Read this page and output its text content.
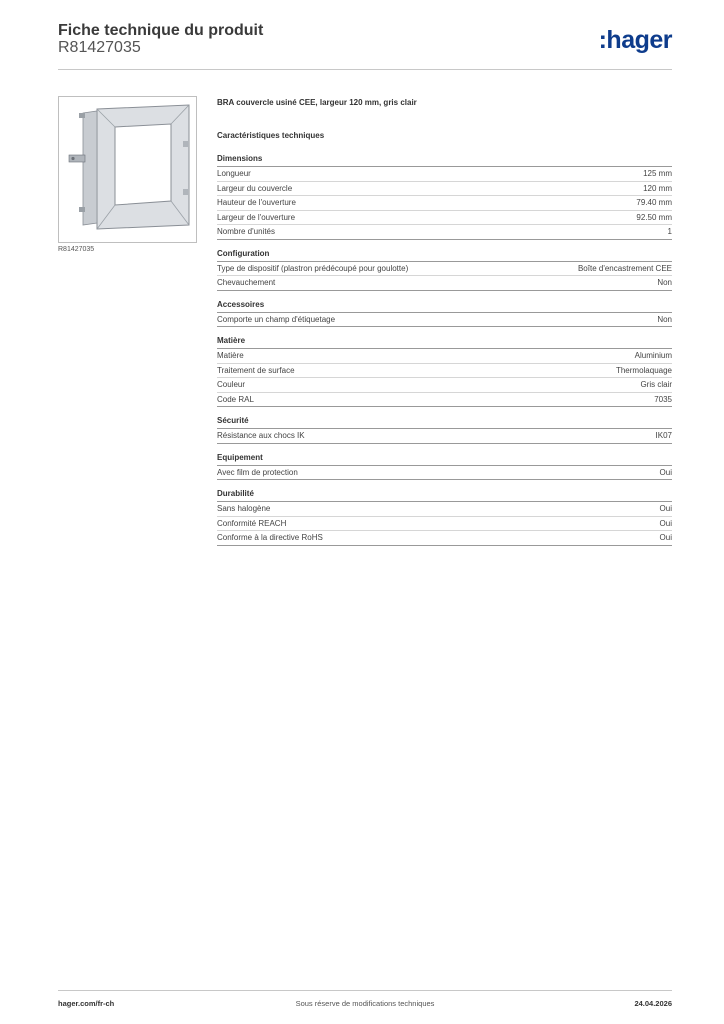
Fiche technique du produit
R81427035	:hager
R81427035
BRA couvercle usiné CEE, largeur 120 mm, gris clair
Caractéristiques techniques
Dimensions
Longueur	125 mm
Largeur du couvercle	120 mm
Hauteur de l'ouverture	79.40 mm
Largeur de l'ouverture	92.50 mm
Nombre d'unités	1
Configuration
Type de dispositif (plastron prédécoupé pour goulotte)	Boîte d'encastrement CEE
Chevauchement	Non
Accessoires
Comporte un champ d'étiquetage	Non
Matière
Matière	Aluminium
Traitement de surface	Thermolaquage
Couleur	Gris clair
Code RAL	7035
Sécurité
Résistance aux chocs IK	IK07
Equipement
Avec film de protection	Oui
Durabilité
Sans halogène	Oui
Conformité REACH	Oui
Conforme à la directive RoHS	Oui
hager.com/fr-ch	Sous réserve de modifications techniques	24.04.2026
